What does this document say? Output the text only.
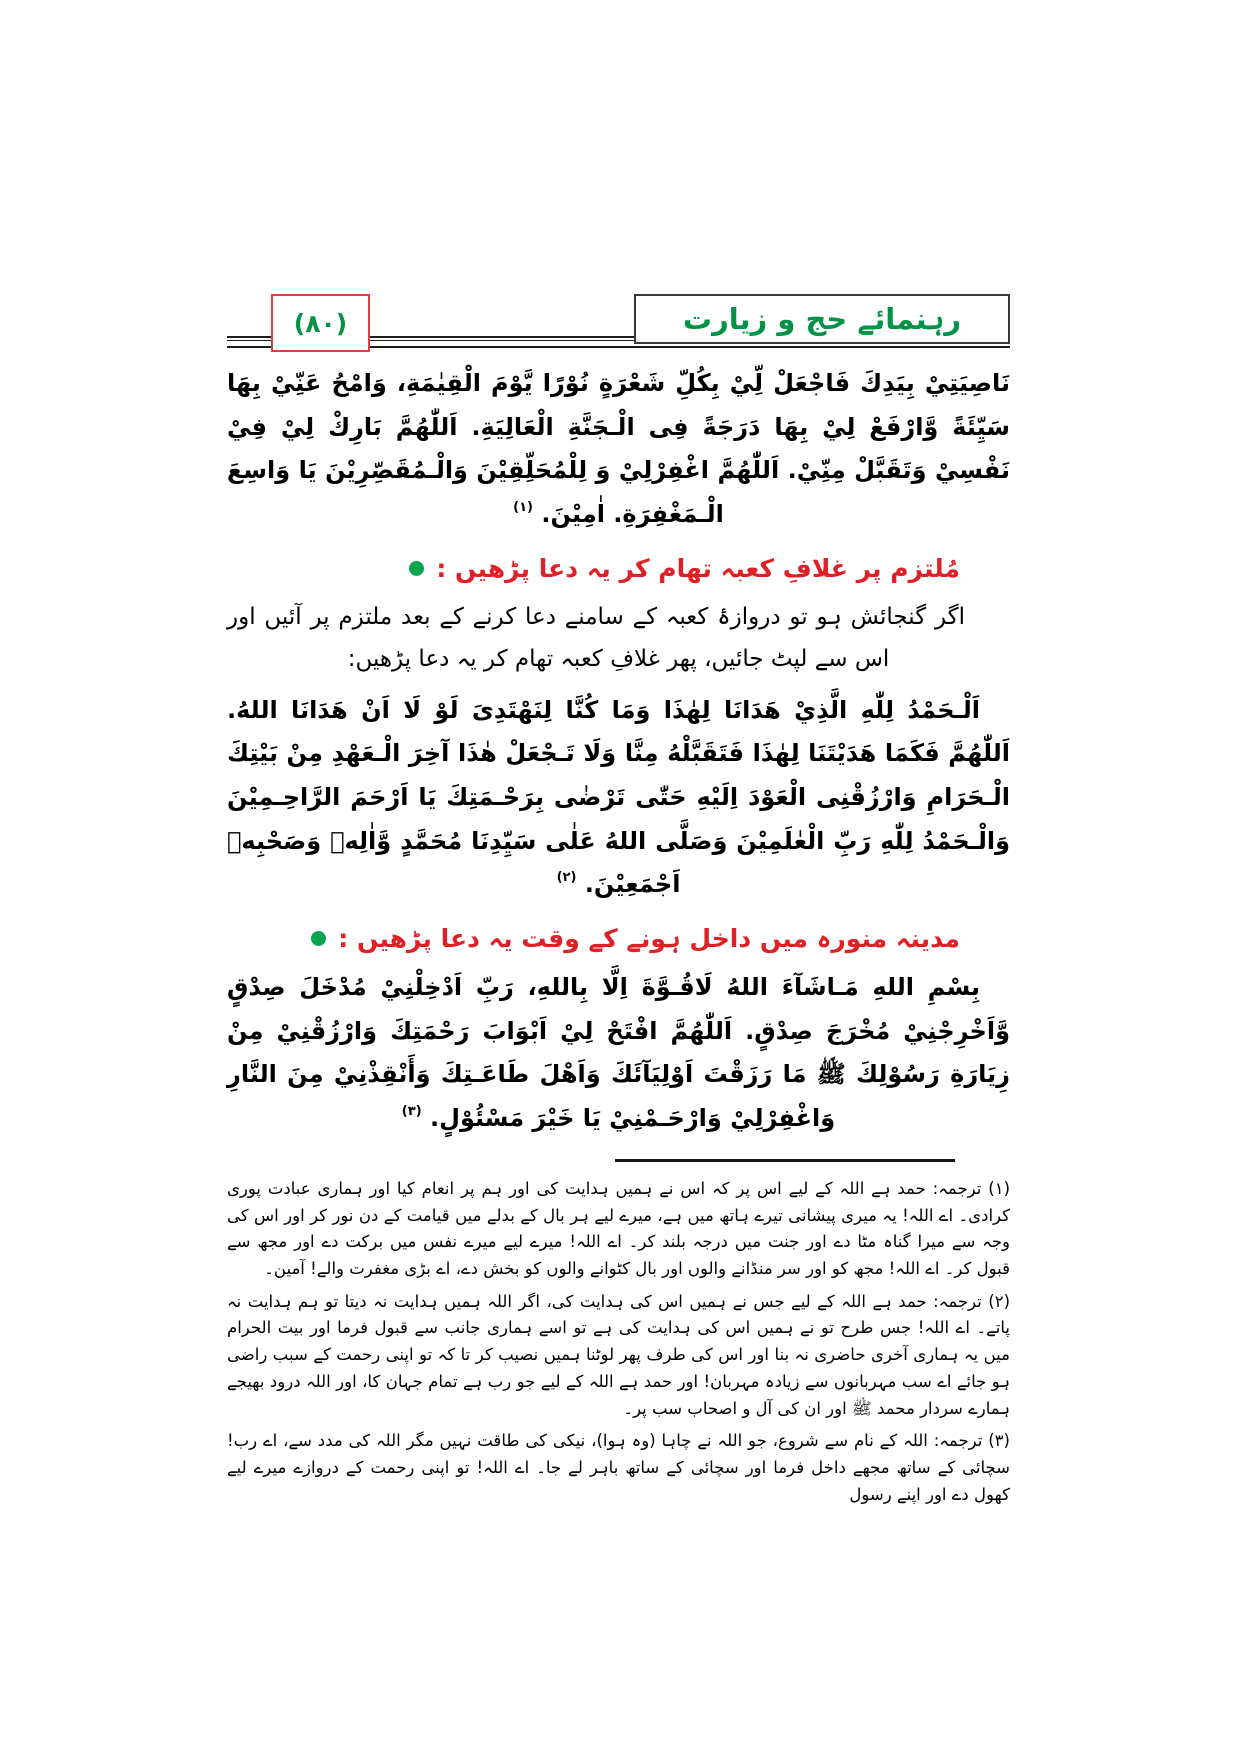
رہنمائے حج و زیارت
(۸۰)

نَاصِيَتِيْ بِيَدِكَ فَاجْعَلْ لِّيْ بِكُلِّ شَعْرَةٍ نُوْرًا يَّوْمَ الْقِيٰمَةِ، وَامْحُ عَنِّيْ بِهَا سَيِّئَةً وَّارْفَعْ لِيْ بِهَا دَرَجَةً فِى الْـجَنَّةِ الْعَالِيَةِ. اَللّٰهُمَّ بَارِكْ لِيْ فِيْ نَفْسِيْ وَتَقَبَّلْ مِنِّيْ. اَللّٰهُمَّ اغْفِرْلِيْ وَ لِلْمُحَلِّقِيْنَ وَالْـمُقَصِّرِيْنَ يَا وَاسِعَ الْـمَغْفِرَةِ. اٰمِيْنَ. $^{(۱)}$

مُلتزم پر غلافِ کعبہ تھام کر یہ دعا پڑھیں :

اگر گنجائش ہو تو دروازۂ کعبہ کے سامنے دعا کرنے کے بعد ملتزم پر آئیں اور اس سے لپٹ جائیں، پھر غلافِ کعبہ تھام کر یہ دعا پڑھیں:

اَلْـحَمْدُ لِلّٰهِ الَّذِيْ هَدَانَا لِهٰذَا وَمَا كُنَّا لِنَهْتَدِىَ لَوْ لَا اَنْ هَدَانَا اللهُ. اَللّٰهُمَّ فَكَمَا هَدَيْتَنَا لِهٰذَا فَتَقَبَّلْهُ مِنَّا وَلَا تَـجْعَلْ هٰذَا آخِرَ الْـعَهْدِ مِنْ بَيْتِكَ الْـحَرَامِ وَارْزُقْنِى الْعَوْدَ اِلَيْهِ حَتّٰى تَرْضٰى بِرَحْـمَتِكَ يَا اَرْحَمَ الرَّاحِـمِيْنَ وَالْـحَمْدُ لِلّٰهِ رَبِّ الْعٰلَمِيْنَ وَصَلَّى اللهُ عَلٰى سَيِّدِنَا مُحَمَّدٍ وَّاٰلِهٖ وَصَحْبِهٖ اَجْمَعِيْنَ. $^{(۲)}$

مدینہ منورہ میں داخل ہونے کے وقت یہ دعا پڑھیں :

بِسْمِ اللهِ مَـاشَآءَ اللهُ لَاقُـوَّةَ اِلَّا بِاللهِ، رَبِّ اَدْخِلْنِيْ مُدْخَلَ صِدْقٍ وَّاَخْرِجْنِيْ مُخْرَجَ صِدْقٍ. اَللّٰهُمَّ افْتَحْ لِيْ اَبْوَابَ رَحْمَتِكَ وَارْزُقْنِيْ مِنْ زِيَارَةِ رَسُوْلِكَ ﷺ مَا رَزَقْتَ اَوْلِيَآئَكَ وَاَهْلَ طَاعَـتِكَ وَأَنْقِذْنِيْ مِنَ النَّارِ وَاغْفِرْلِيْ وَارْحَـمْنِيْ يَا خَيْرَ مَسْئُوْلٍ. $^{(۳)}$

(۱) ترجمہ: حمد ہے اللہ کے لیے اس پر کہ اس نے ہمیں ہدایت کی اور ہم پر انعام کیا اور ہماری عبادت پوری کرادی۔ اے اللہ! یہ میری پیشانی تیرے ہاتھ میں ہے، میرے لیے ہر بال کے بدلے میں قیامت کے دن نور کر اور اس کی وجہ سے میرا گناہ مٹا دے اور جنت میں درجہ بلند کر۔ اے اللہ! میرے لیے میرے نفس میں برکت دے اور مجھ سے قبول کر۔ اے اللہ! مجھ کو اور سر منڈانے والوں اور بال کٹوانے والوں کو بخش دے، اے بڑی مغفرت والے! آمین۔

(۲) ترجمہ: حمد ہے اللہ کے لیے جس نے ہمیں اس کی ہدایت کی، اگر اللہ ہمیں ہدایت نہ دیتا تو ہم ہدایت نہ پاتے۔ اے اللہ! جس طرح تو نے ہمیں اس کی ہدایت کی ہے تو اسے ہماری جانب سے قبول فرما اور بیت الحرام میں یہ ہماری آخری حاضری نہ بنا اور اس کی طرف پھر لوٹنا ہمیں نصیب کر تا کہ تو اپنی رحمت کے سبب راضی ہو جائے اے سب مہربانوں سے زیادہ مہربان! اور حمد ہے اللہ کے لیے جو رب ہے تمام جہان کا، اور اللہ درود بھیجے ہمارے سردار محمد ﷺ اور ان کی آل و اصحاب سب پر۔

(۳) ترجمہ: اللہ کے نام سے شروع، جو اللہ نے چاہا (وہ ہوا)، نیکی کی طاقت نہیں مگر اللہ کی مدد سے، اے رب! سچائی کے ساتھ مجھے داخل فرما اور سچائی کے ساتھ باہر لے جا۔ اے اللہ! تو اپنی رحمت کے دروازے میرے لیے کھول دے اور اپنے رسول
